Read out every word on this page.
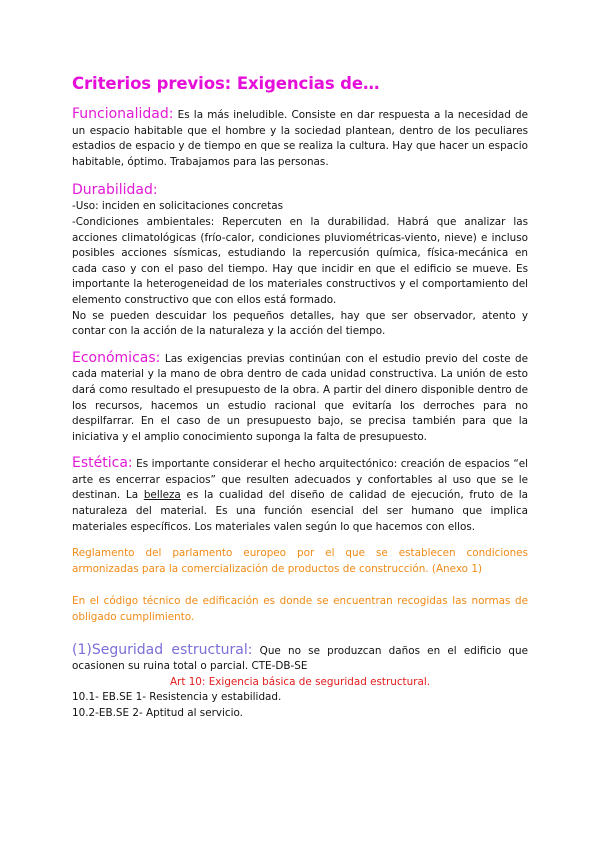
Criterios previos: Exigencias de…

Funcionalidad: Es la más ineludible. Consiste en dar respuesta a la necesidad de un espacio habitable que el hombre y la sociedad plantean, dentro de los peculiares estadios de espacio y de tiempo en que se realiza la cultura. Hay que hacer un espacio habitable, óptimo. Trabajamos para las personas.

Durabilidad:

-Uso: inciden en solicitaciones concretas

-Condiciones ambientales: Repercuten en la durabilidad. Habrá que analizar las acciones climatológicas (frío-calor, condiciones pluviométricas-viento, nieve) e incluso posibles acciones sísmicas, estudiando la repercusión química, física-mecánica en cada caso y con el paso del tiempo. Hay que incidir en que el edificio se mueve. Es importante la heterogeneidad de los materiales constructivos y el comportamiento del elemento constructivo que con ellos está formado.

No se pueden descuidar los pequeños detalles, hay que ser observador, atento y contar con la acción de la naturaleza y la acción del tiempo.

Económicas: Las exigencias previas continúan con el estudio previo del coste de cada material y la mano de obra dentro de cada unidad constructiva. La unión de esto dará como resultado el presupuesto de la obra. A partir del dinero disponible dentro de los recursos, hacemos un estudio racional que evitaría los derroches para no despilfarrar. En el caso de un presupuesto bajo, se precisa también para que la iniciativa y el amplio conocimiento suponga la falta de presupuesto.

Estética: Es importante considerar el hecho arquitectónico: creación de espacios “el arte es encerrar espacios” que resulten adecuados y confortables al uso que se le destinan. La belleza es la cualidad del diseño de calidad de ejecución, fruto de la naturaleza del material. Es una función esencial del ser humano que implica materiales específicos. Los materiales valen según lo que hacemos con ellos.

Reglamento del parlamento europeo por el que se establecen condiciones armonizadas para la comercialización de productos de construcción. (Anexo 1)

En el código técnico de edificación es donde se encuentran recogidas las normas de obligado cumplimiento.

(1)Seguridad estructural: Que no se produzcan daños en el edificio que ocasionen su ruina total o parcial. CTE-DB-SE

Art 10: Exigencia básica de seguridad estructural.

10.1- EB.SE 1- Resistencia y estabilidad.

10.2-EB.SE 2- Aptitud al servicio.
